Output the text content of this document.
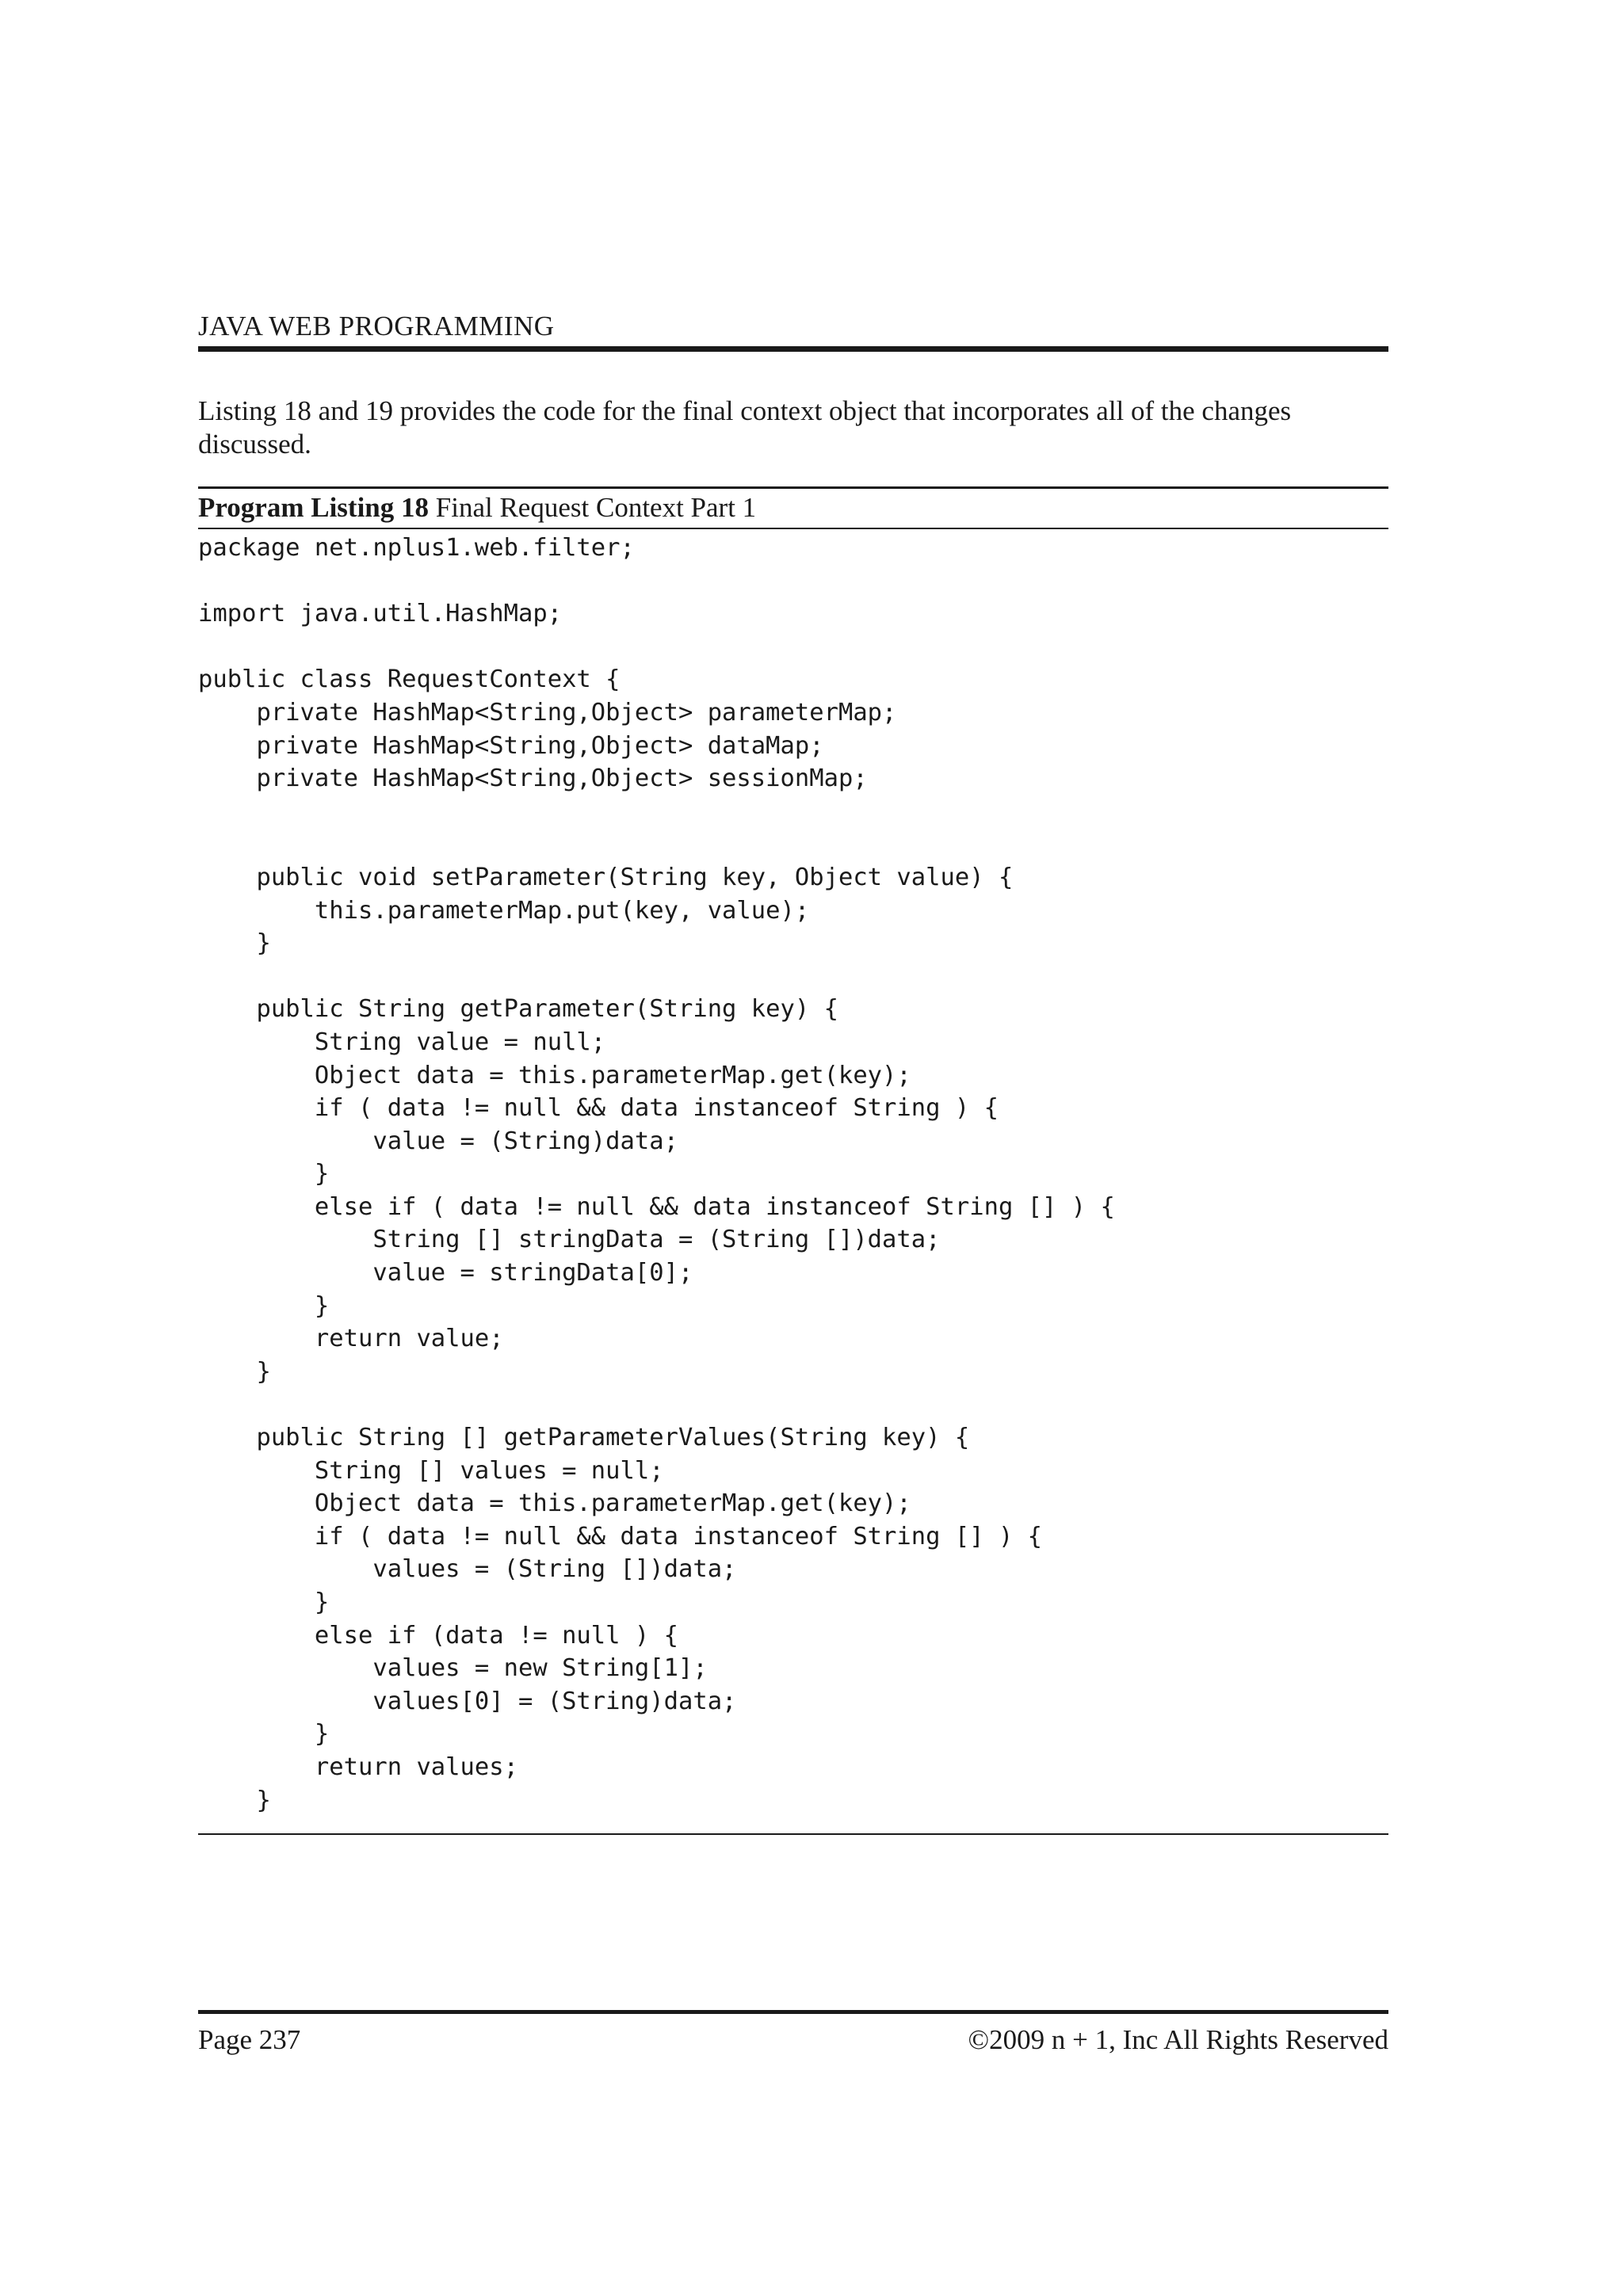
JAVA WEB PROGRAMMING

Listing 18 and 19 provides the code for the final context object that incorporates all of the changes discussed.

Program Listing 18 Final Request Context Part 1
package net.nplus1.web.filter;

import java.util.HashMap;

public class RequestContext {
private HashMap<String,Object> parameterMap;
private HashMap<String,Object> dataMap;
private HashMap<String,Object> sessionMap;

public void setParameter(String key, Object value) {
this.parameterMap.put(key, value);
}

public String getParameter(String key) {
String value = null;
Object data = this.parameterMap.get(key);
if ( data != null && data instanceof String ) {
value = (String)data;
}
else if ( data != null && data instanceof String [] ) {
String [] stringData = (String [])data;
value = stringData[0];
}
return value;
}

public String [] getParameterValues(String key) {
String [] values = null;
Object data = this.parameterMap.get(key);
if ( data != null && data instanceof String [] ) {
values = (String [])data;
}
else if (data != null ) {
values = new String[1];
values[0] = (String)data;
}
return values;
}
Page 237	©2009 n + 1, Inc All Rights Reserved
